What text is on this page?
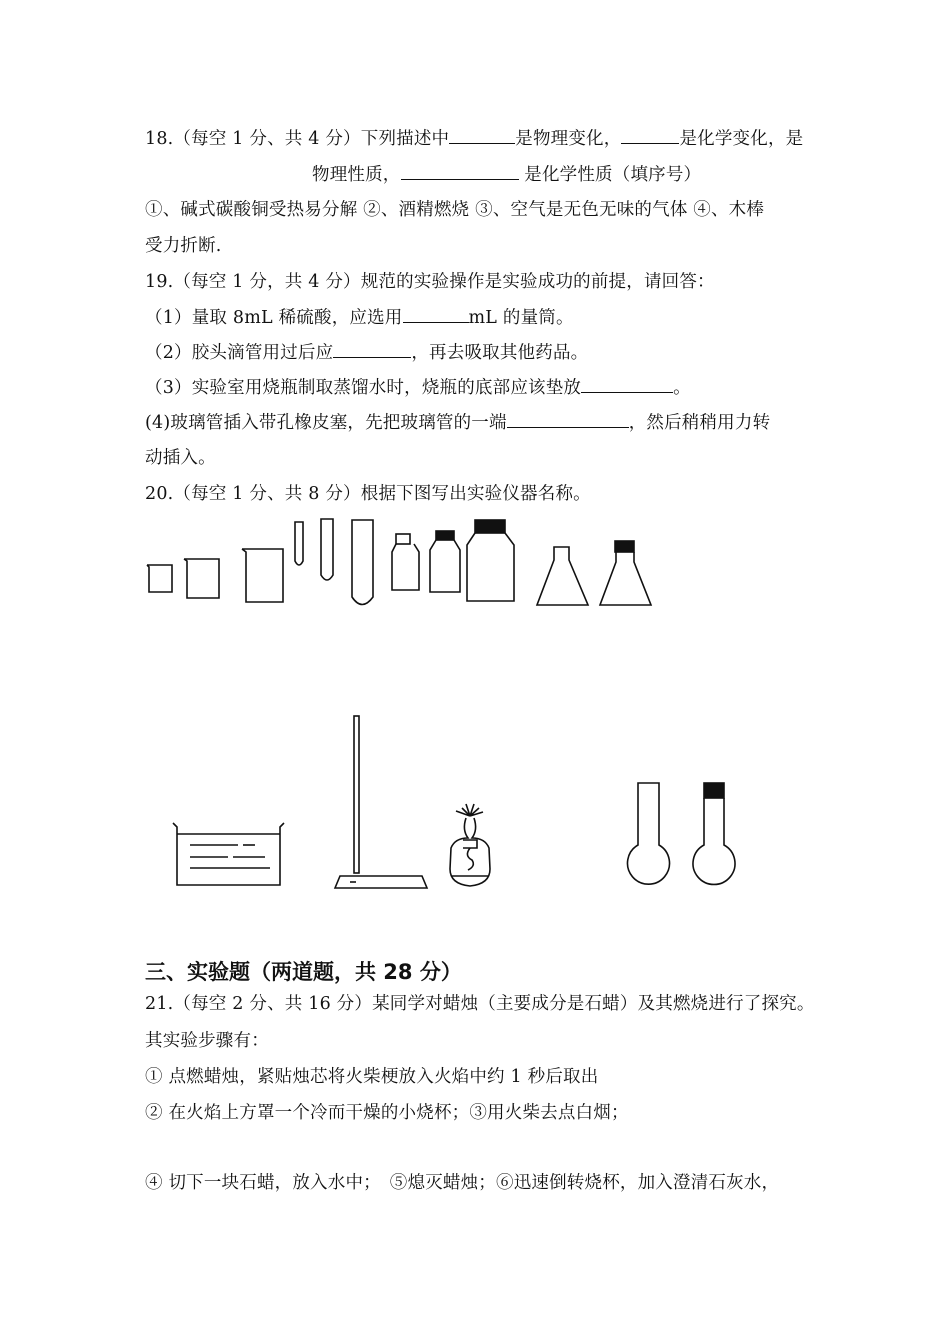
18.（每空 1 分、共 4 分）下列描述中	是物理变化，	是化学变化，是
物理性质，	是化学性质（填序号）
①、碱式碳酸铜受热易分解 ②、酒精燃烧 ③、空气是无色无味的气体 ④、木棒
受力折断.
19.（每空 1 分，共 4 分）规范的实验操作是实验成功的前提，请回答：
（1）量取 8mL 稀硫酸，应选用	mL 的量筒。
（2）胶头滴管用过后应	，再去吸取其他药品。
（3）实验室用烧瓶制取蒸馏水时，烧瓶的底部应该垫放	。
(4)玻璃管插入带孔橡皮塞，先把玻璃管的一端	，然后稍稍用力转
动插入。
20.（每空 1 分、共 8 分）根据下图写出实验仪器名称。
三、实验题（两道题，共 28 分）
21.（每空 2 分、共 16 分）某同学对蜡烛（主要成分是石蜡）及其燃烧进行了探究。
其实验步骤有：
① 点燃蜡烛，紧贴烛芯将火柴梗放入火焰中约 1 秒后取出
② 在火焰上方罩一个冷而干燥的小烧杯；③用火柴去点白烟；
④ 切下一块石蜡，放入水中；　⑤熄灭蜡烛；⑥迅速倒转烧杯，加入澄清石灰水，
